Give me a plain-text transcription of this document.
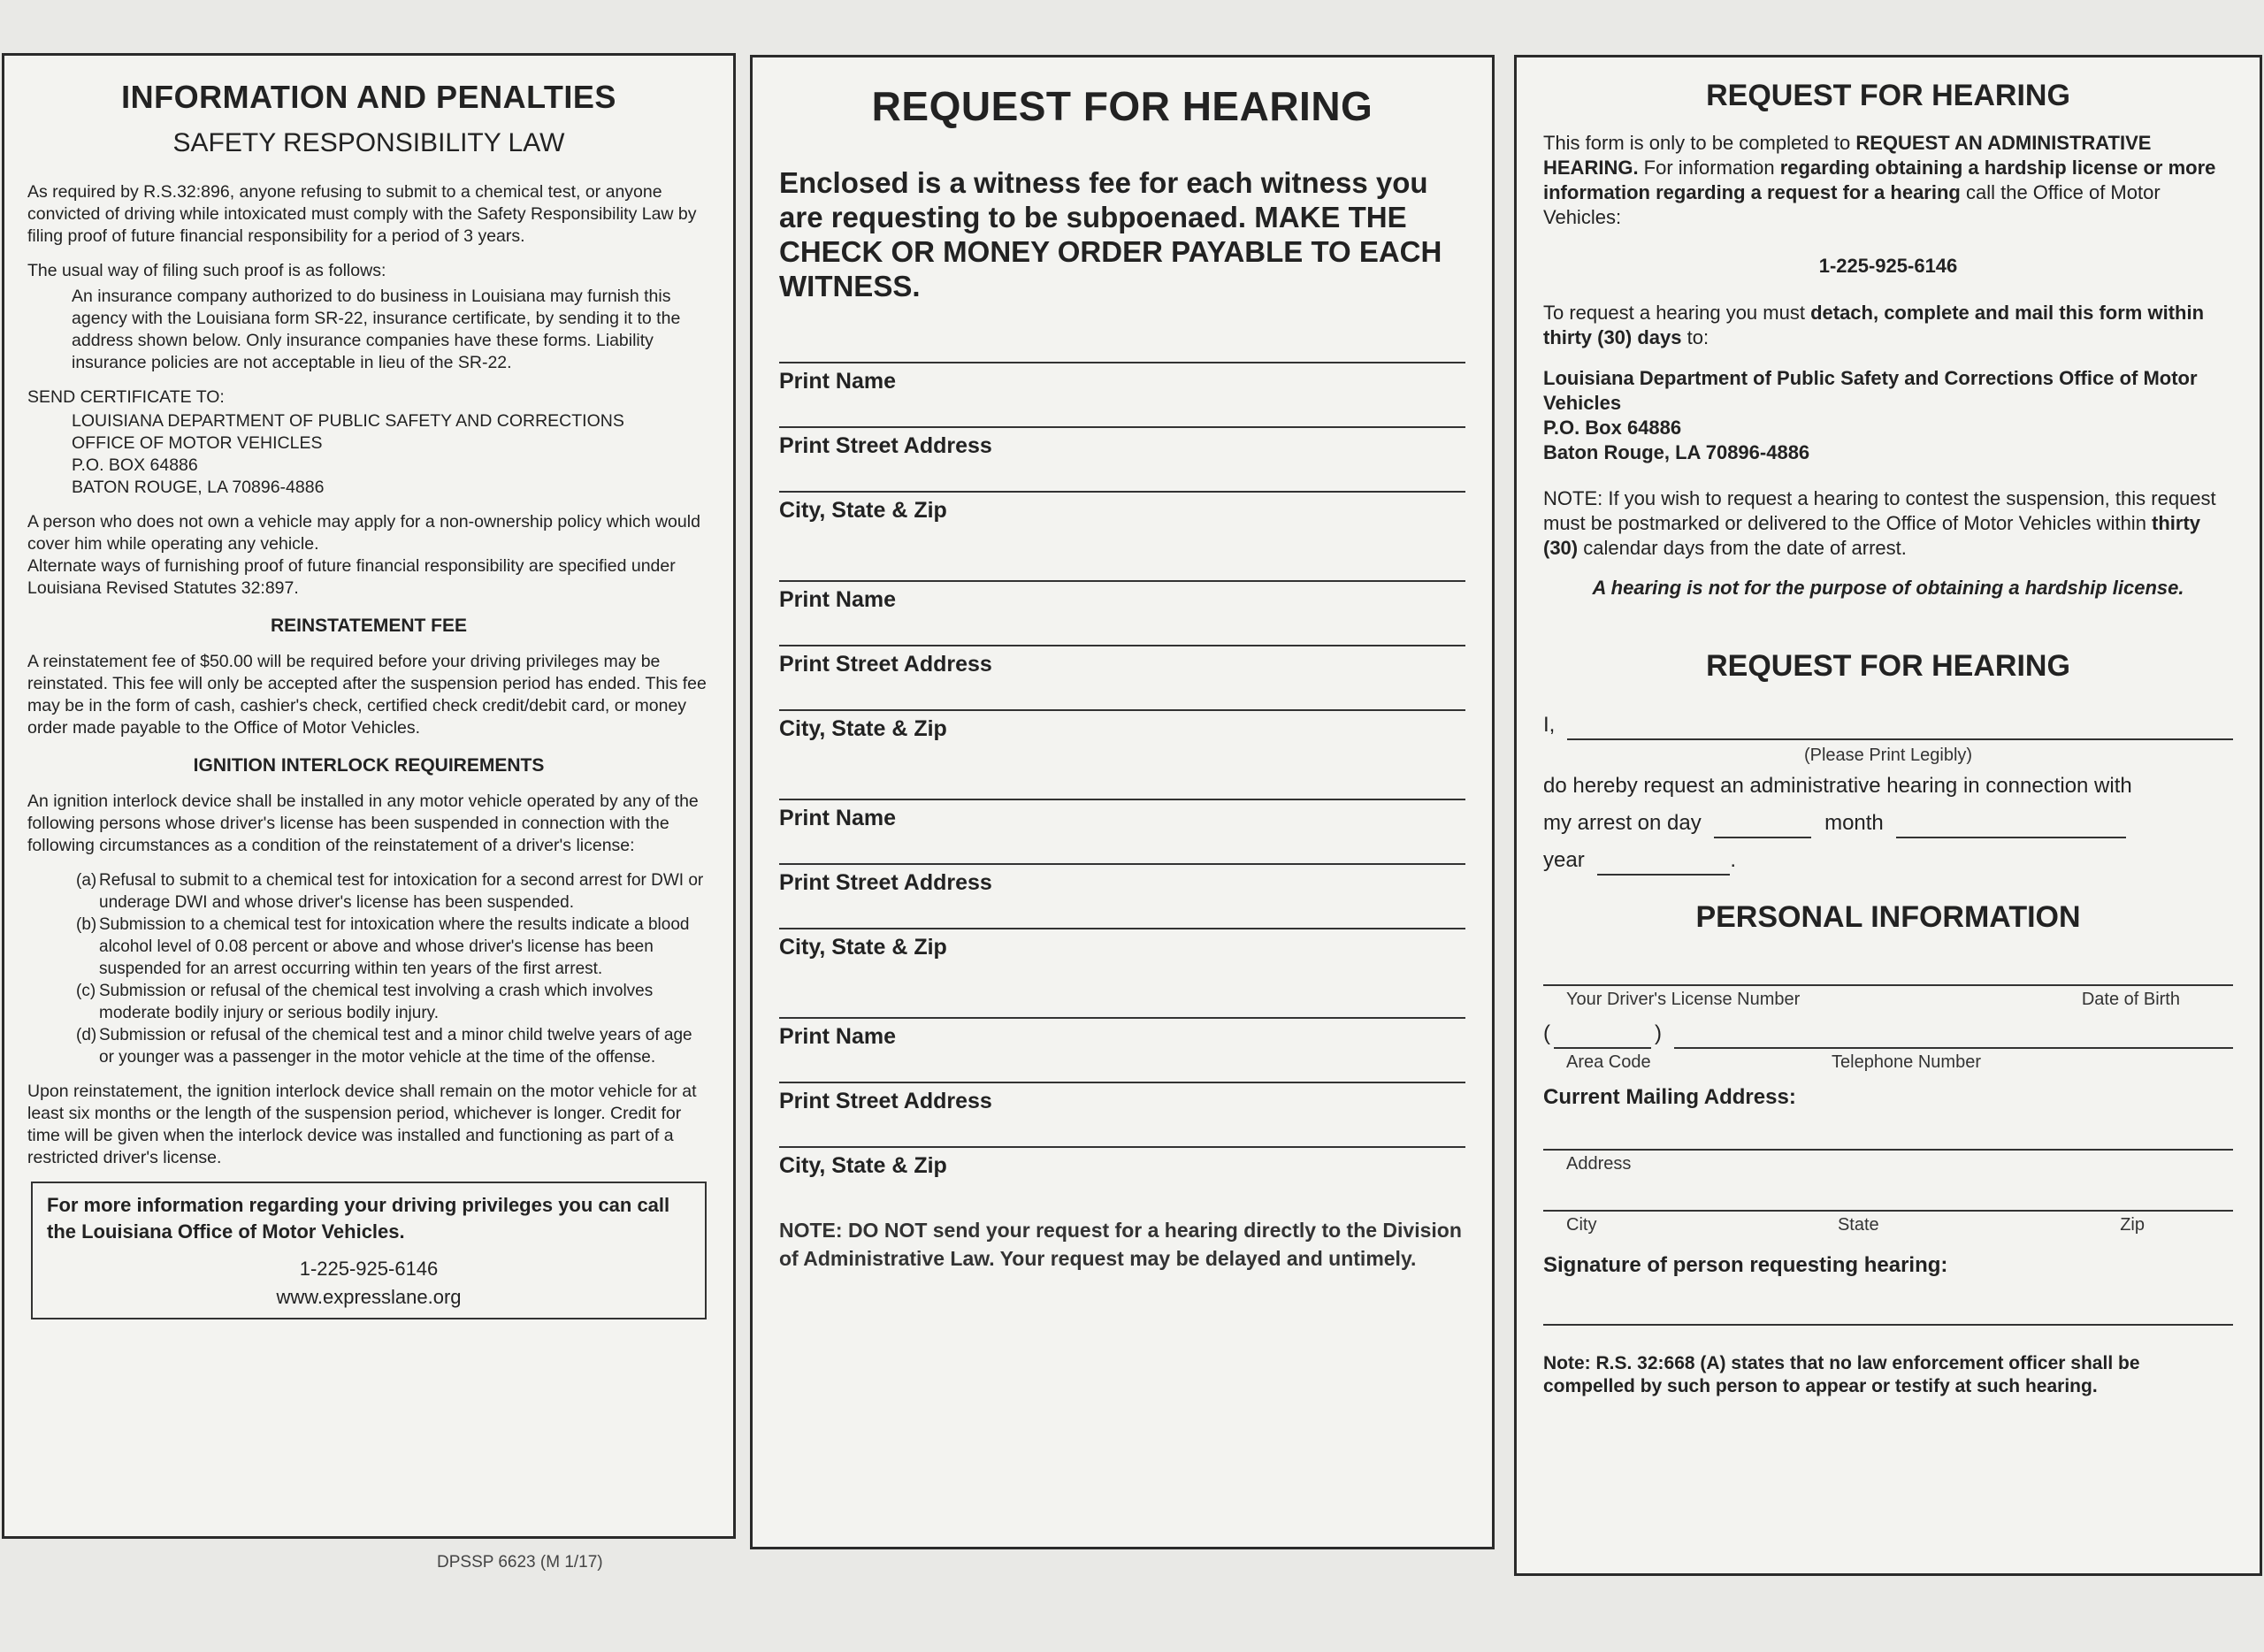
INFORMATION AND PENALTIES
SAFETY RESPONSIBILITY LAW

As required by R.S.32:896, anyone refusing to submit to a chemical test, or anyone convicted of driving while intoxicated must comply with the Safety Responsibility Law by filing proof of future financial responsibility for a period of 3 years.

The usual way of filing such proof is as follows:

An insurance company authorized to do business in Louisiana may furnish this agency with the Louisiana form SR-22, insurance certificate, by sending it to the address shown below. Only insurance companies have these forms. Liability insurance policies are not acceptable in lieu of the SR-22.

SEND CERTIFICATE TO:

LOUISIANA DEPARTMENT OF PUBLIC SAFETY AND CORRECTIONS
OFFICE OF MOTOR VEHICLES
P.O. BOX 64886
BATON ROUGE, LA 70896-4886

A person who does not own a vehicle may apply for a non-ownership policy which would cover him while operating any vehicle.

Alternate ways of furnishing proof of future financial responsibility are specified under Louisiana Revised Statutes 32:897.

REINSTATEMENT FEE

A reinstatement fee of $50.00 will be required before your driving privileges may be reinstated. This fee will only be accepted after the suspension period has ended. This fee may be in the form of cash, cashier's check, certified check credit/debit card, or money order made payable to the Office of Motor Vehicles.

IGNITION INTERLOCK REQUIREMENTS

An ignition interlock device shall be installed in any motor vehicle operated by any of the following persons whose driver's license has been suspended in connection with the following circumstances as a condition of the reinstatement of a driver's license:

(a) Refusal to submit to a chemical test for intoxication for a second arrest for DWI or underage DWI and whose driver's license has been suspended.
(b) Submission to a chemical test for intoxication where the results indicate a blood alcohol level of 0.08 percent or above and whose driver's license has been suspended for an arrest occurring within ten years of the first arrest.
(c) Submission or refusal of the chemical test involving a crash which involves moderate bodily injury or serious bodily injury.
(d) Submission or refusal of the chemical test and a minor child twelve years of age or younger was a passenger in the motor vehicle at the time of the offense.

Upon reinstatement, the ignition interlock device shall remain on the motor vehicle for at least six months or the length of the suspension period, whichever is longer. Credit for time will be given when the interlock device was installed and functioning as part of a restricted driver's license.

For more information regarding your driving privileges you can call the Louisiana Office of Motor Vehicles.
1-225-925-6146
www.expresslane.org
DPSSP 6623 (M 1/17)
REQUEST FOR HEARING
Enclosed is a witness fee for each witness you are requesting to be subpoenaed. MAKE THE CHECK OR MONEY ORDER PAYABLE TO EACH WITNESS.
Print Name
Print Street Address
City, State & Zip
Print Name
Print Street Address
City, State & Zip
Print Name
Print Street Address
City, State & Zip
Print Name
Print Street Address
City, State & Zip
NOTE: DO NOT send your request for a hearing directly to the Division of Administrative Law. Your request may be delayed and untimely.
REQUEST FOR HEARING

This form is only to be completed to REQUEST AN ADMINISTRATIVE HEARING. For information regarding obtaining a hardship license or more information regarding a request for a hearing call the Office of Motor Vehicles:

1-225-925-6146

To request a hearing you must detach, complete and mail this form within thirty (30) days to:

Louisiana Department of Public Safety and Corrections Office of Motor Vehicles
P.O. Box 64886
Baton Rouge, LA 70896-4886

NOTE: If you wish to request a hearing to contest the suspension, this request must be postmarked or delivered to the Office of Motor Vehicles within thirty (30) calendar days from the date of arrest.

A hearing is not for the purpose of obtaining a hardship license.
REQUEST FOR HEARING
I,
(Please Print Legibly)
do hereby request an administrative hearing in connection with
my arrest on day	month
year	.
PERSONAL INFORMATION
Your Driver's License Number	Date of Birth
(	)
Area Code	Telephone Number
Current Mailing Address:
Address
City	State	Zip
Signature of person requesting hearing:
Note: R.S. 32:668 (A) states that no law enforcement officer shall be compelled by such person to appear or testify at such hearing.
